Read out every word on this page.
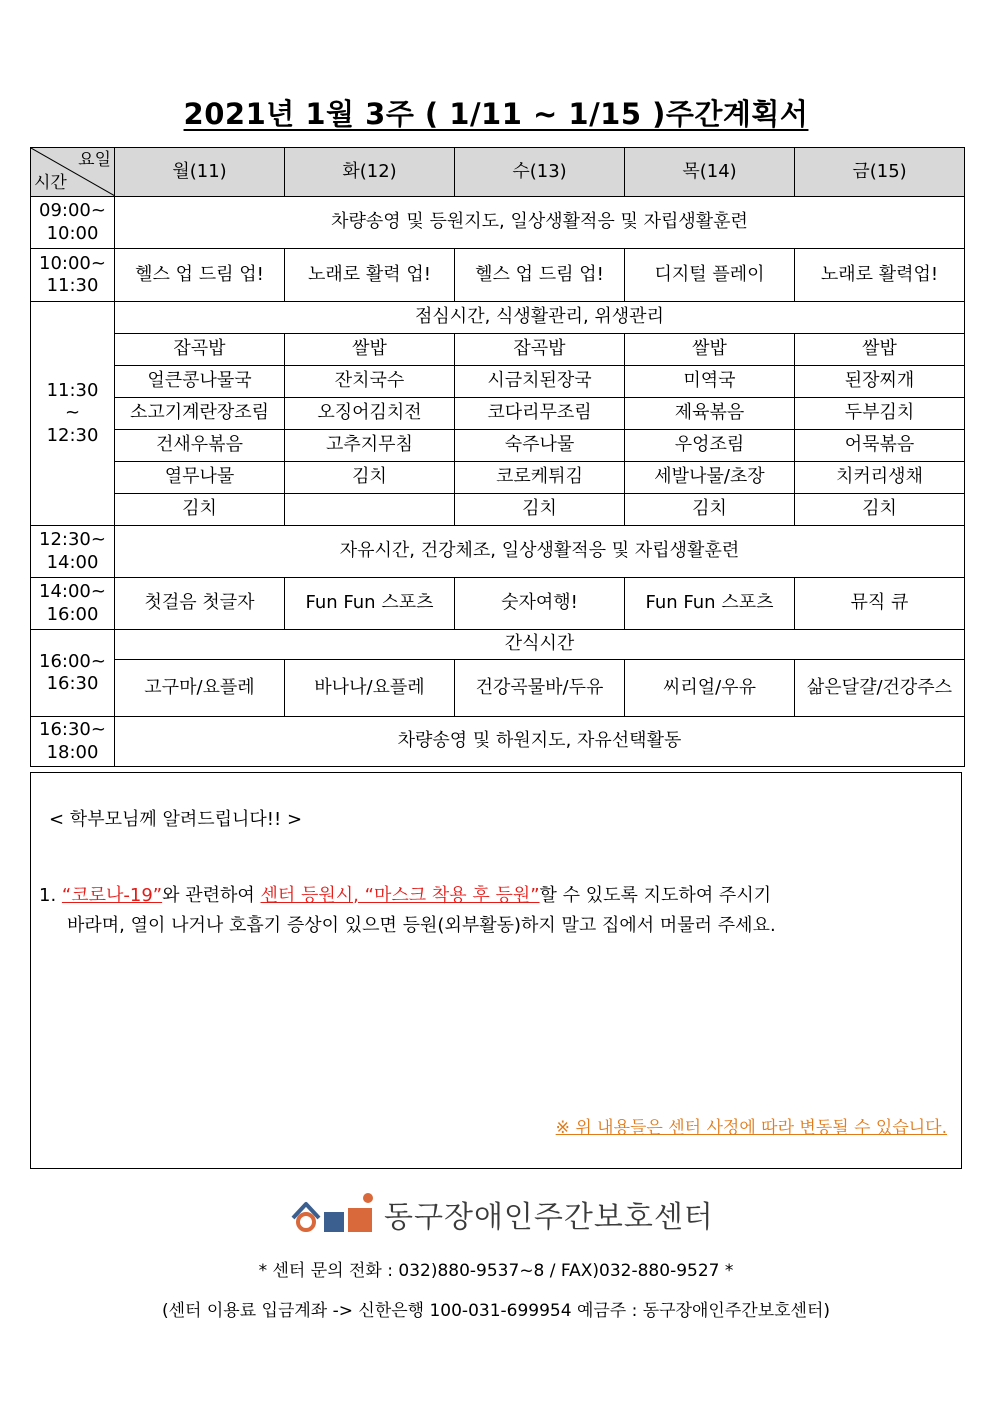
2021년 1월 3주 ( 1/11 ~ 1/15 )주간계획서
요일
시간	월(11)	화(12)	수(13)	목(14)	금(15)
09:00~
10:00	차량송영 및 등원지도, 일상생활적응 및 자립생활훈련				
10:00~
11:30	헬스 업 드림 업!	노래로 활력 업!	헬스 업 드림 업!	디지털 플레이	노래로 활력업!
11:30
~
12:30	점심시간, 식생활관리, 위생관리				
	잡곡밥	쌀밥	잡곡밥	쌀밥	쌀밥
	얼큰콩나물국	잔치국수	시금치된장국	미역국	된장찌개
	소고기계란장조림	오징어김치전	코다리무조림	제육볶음	두부김치
	건새우볶음	고추지무침	숙주나물	우엉조림	어묵볶음
	열무나물	김치	코로케튀김	세발나물/초장	치커리생채
	김치		김치	김치	김치
12:30~
14:00	자유시간, 건강체조, 일상생활적응 및 자립생활훈련				
14:00~
16:00	첫걸음 첫글자	Fun Fun 스포츠	숫자여행!	Fun Fun 스포츠	뮤직 큐
16:00~
16:30	간식시간				
	고구마/요플레	바나나/요플레	건강곡물바/두유	씨리얼/우유	삶은달걀/건강주스
16:30~
18:00	차량송영 및 하원지도, 자유선택활동				
< 학부모님께 알려드립니다!! >
1. “코로나-19”와 관련하여 센터 등원시, “마스크 착용 후 등원”할 수 있도록 지도하여 주시기
바라며, 열이 나거나 호흡기 증상이 있으면 등원(외부활동)하지 말고 집에서 머물러 주세요.
※ 위 내용들은 센터 사정에 따라 변동될 수 있습니다.
동구장애인주간보호센터
* 센터 문의 전화 : 032)880-9537~8 / FAX)032-880-9527 *
(센터 이용료 입금계좌 -> 신한은행 100-031-699954 예금주 : 동구장애인주간보호센터)
